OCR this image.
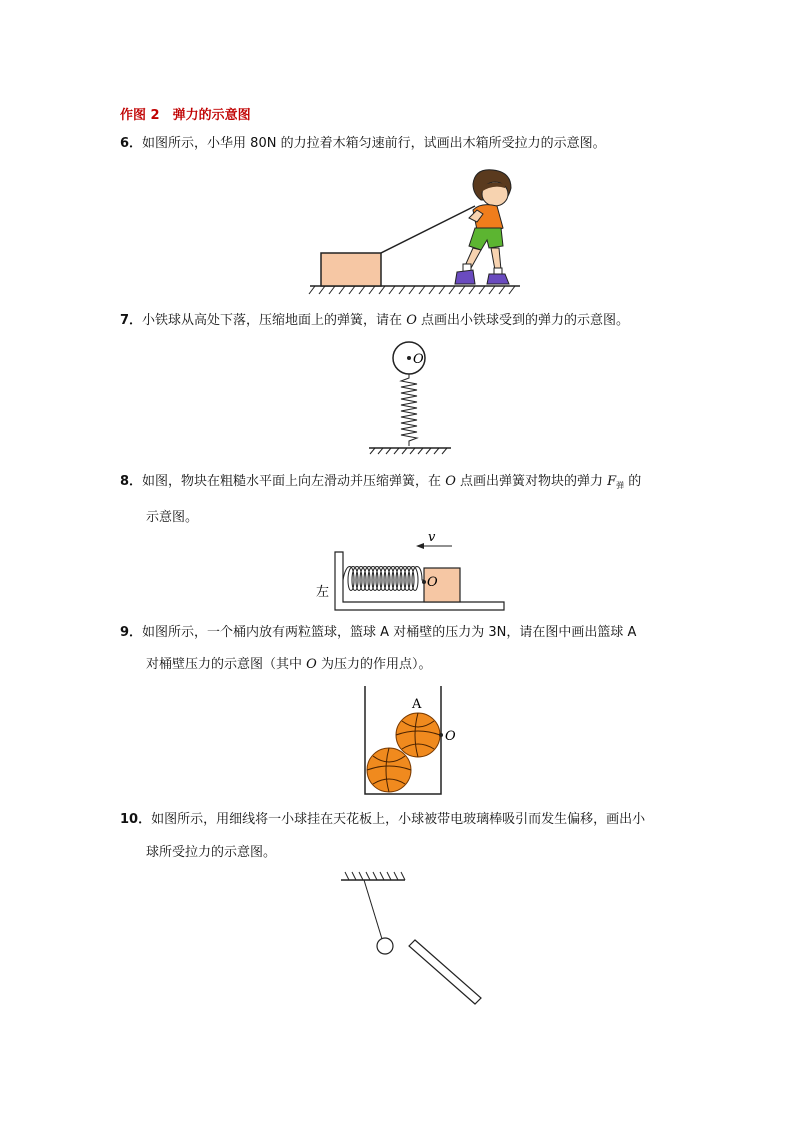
作图 2　弹力的示意图
6．如图所示，小华用 80N 的力拉着木箱匀速前行，试画出木箱所受拉力的示意图。
7．小铁球从高处下落，压缩地面上的弹簧，请在 O 点画出小铁球受到的弹力的示意图。
O
8．如图，物块在粗糙水平面上向左滑动并压缩弹簧，在 O 点画出弹簧对物块的弹力 $F_弹$ 的
示意图。
O
v
左
9．如图所示，一个桶内放有两粒篮球，篮球 A 对桶壁的压力为 3N，请在图中画出篮球 A
对桶壁压力的示意图（其中 O 为压力的作用点）。
A
O
10．如图所示，用细线将一小球挂在天花板上，小球被带电玻璃棒吸引而发生偏移，画出小
球所受拉力的示意图。
